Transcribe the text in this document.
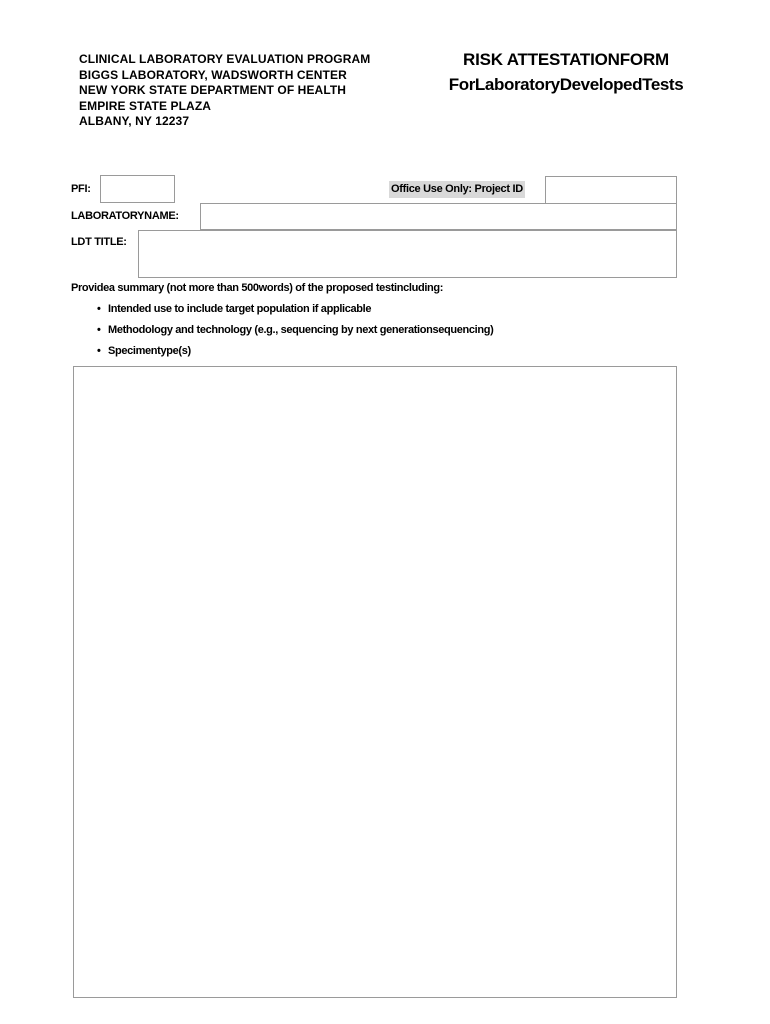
CLINICAL LABORATORY EVALUATION PROGRAM
BIGGS LABORATORY, WADSWORTH CENTER
NEW YORK STATE DEPARTMENT OF HEALTH
EMPIRE STATE PLAZA
ALBANY, NY 12237
RISK ATTESTATIONFORM
ForLaboratoryDevelopedTests
PFI:	Office Use Only: Project ID
LABORATORYNAME:
LDT TITLE:
Providea summary (not more than 500words) of the proposed testincluding:
• Intended use to include target population if applicable
• Methodology and technology (e.g., sequencing by next generationsequencing)
• Specimentype(s)
